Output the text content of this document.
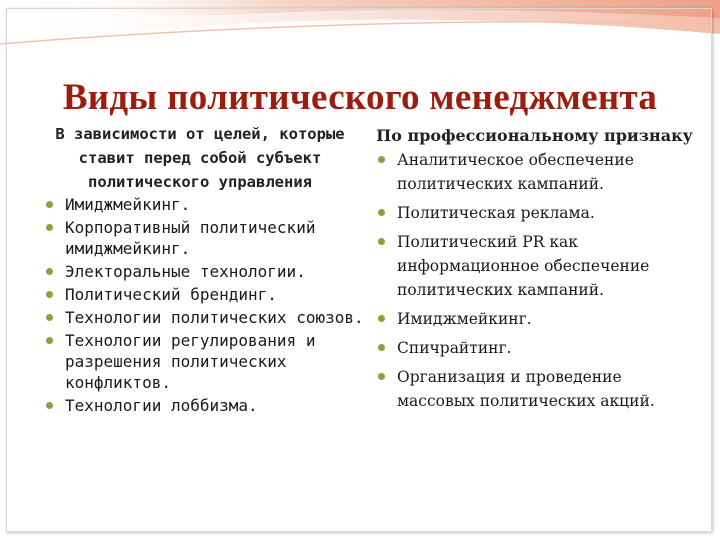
Виды политического менеджмента
В зависимости от целей, которые ставит перед собой субъект политического управления
Имиджмейкинг.
Корпоративный политический имиджмейкинг.
Электоральные технологии.
Политический брендинг.
Технологии политических союзов.
Технологии регулирования и разрешения политических конфликтов.
Технологии лоббизма.
По профессиональному признаку
Аналитическое обеспечение политических кампаний.
Политическая реклама.
Политический PR как информационное обеспечение политических кампаний.
Имиджмейкинг.
Спичрайтинг.
Организация и проведение массовых политических акций.
